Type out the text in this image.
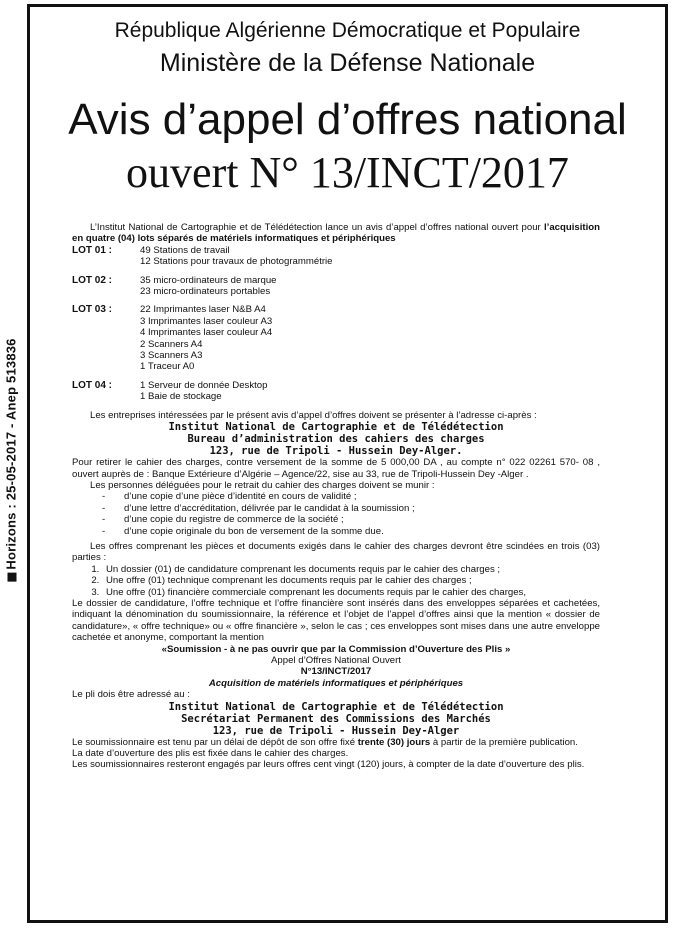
Horizons : 25-05-2017 - Anep 513836
République Algérienne Démocratique et Populaire
Ministère de la Défense Nationale
Avis d’appel d’offres national
ouvert N° 13/INCT/2017
L’Institut National de Cartographie et de Télédétection lance un avis d’appel d’offres national ouvert pour l’acquisition en quatre (04) lots séparés de matériels informatiques et périphériques
LOT 01 :	49 Stations de travail
12 Stations pour travaux de photogrammétrie
LOT 02 :	35 micro-ordinateurs de marque
23 micro-ordinateurs portables
LOT 03 :	22 Imprimantes laser N&B A4
3 Imprimantes laser couleur A3
4 Imprimantes laser couleur A4
2 Scanners A4
3 Scanners A3
1 Traceur A0
LOT 04 :	1 Serveur de donnée Desktop
1 Baie de stockage
Les entreprises intéressées par le présent avis d’appel d’offres doivent se présenter à l’adresse ci-après :
Institut National de Cartographie et de Télédétection
Bureau d’administration des cahiers des charges
123, rue de Tripoli - Hussein Dey-Alger.
Pour retirer le cahier des charges, contre versement de la somme de 5 000,00 DA , au compte n° 022 02261 570- 08 , ouvert auprès de : Banque Extérieure d’Algérie – Agence/22, sise au 33, rue de Tripoli-Hussein Dey -Alger .
Les personnes déléguées pour le retrait du cahier des charges doivent se munir :
- d’une copie d’une pièce d’identité en cours de validité ;
- d’une lettre d’accréditation, délivrée par le candidat à la soumission ;
- d’une copie du registre de commerce de la société ;
- d’une copie originale du bon de versement de la somme due.
Les offres comprenant les pièces et documents exigés dans le cahier des charges devront être scindées en trois (03) parties :
1. Un dossier (01) de candidature comprenant les documents requis par le cahier des charges ;
2. Une offre (01) technique comprenant les documents requis par le cahier des charges ;
3. Une offre (01) financière commerciale comprenant les documents requis par le cahier des charges,
Le dossier de candidature, l’offre technique et l’offre financière sont insérés dans des enveloppes séparées et cachetées, indiquant la dénomination du soumissionnaire, la référence et l’objet de l’appel d’offres ainsi que la mention « dossier de candidature», « offre technique» ou « offre financière », selon le cas ; ces enveloppes sont mises dans une autre enveloppe cachetée et anonyme, comportant la mention
«Soumission - à ne pas ouvrir que par la Commission d’Ouverture des Plis »
Appel d’Offres National Ouvert
N°13/INCT/2017
Acquisition de matériels informatiques et périphériques
Le pli dois être adressé au :
Institut National de Cartographie et de Télédétection
Secrétariat Permanent des Commissions des Marchés
123, rue de Tripoli - Hussein Dey-Alger
Le soumissionnaire est tenu par un délai de dépôt de son offre fixé trente (30) jours à partir de la première publication.
La date d’ouverture des plis est fixée dans le cahier des charges.
Les soumissionnaires resteront engagés par leurs offres cent vingt (120) jours, à compter de la date d’ouverture des plis.
